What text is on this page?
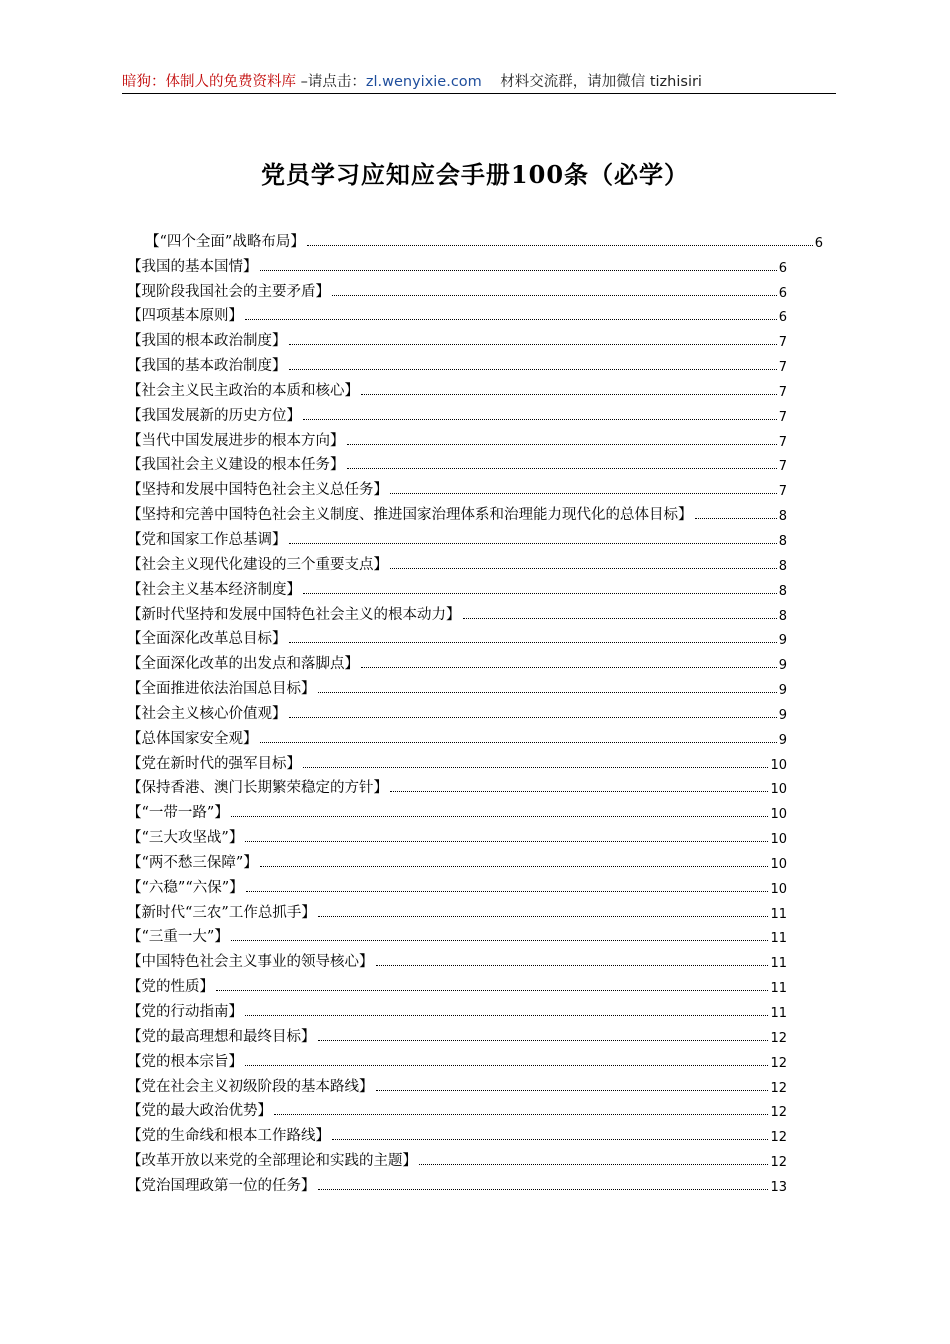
暗狗：体制人的免费资料库 –请点击：zl.wenyixie.com 材料交流群，请加微信 tizhisiri
党员学习应知应会手册100条（必学）
【“四个全面”战略布局】	6
【我国的基本国情】	6
【现阶段我国社会的主要矛盾】	6
【四项基本原则】	6
【我国的根本政治制度】	7
【我国的基本政治制度】	7
【社会主义民主政治的本质和核心】	7
【我国发展新的历史方位】	7
【当代中国发展进步的根本方向】	7
【我国社会主义建设的根本任务】	7
【坚持和发展中国特色社会主义总任务】	7
【坚持和完善中国特色社会主义制度、推进国家治理体系和治理能力现代化的总体目标】	8
【党和国家工作总基调】	8
【社会主义现代化建设的三个重要支点】	8
【社会主义基本经济制度】	8
【新时代坚持和发展中国特色社会主义的根本动力】	8
【全面深化改革总目标】	9
【全面深化改革的出发点和落脚点】	9
【全面推进依法治国总目标】	9
【社会主义核心价值观】	9
【总体国家安全观】	9
【党在新时代的强军目标】	10
【保持香港、澳门长期繁荣稳定的方针】	10
【“一带一路”】	10
【“三大攻坚战”】	10
【“两不愁三保障”】	10
【“六稳”“六保”】	10
【新时代“三农”工作总抓手】	11
【“三重一大”】	11
【中国特色社会主义事业的领导核心】	11
【党的性质】	11
【党的行动指南】	11
【党的最高理想和最终目标】	12
【党的根本宗旨】	12
【党在社会主义初级阶段的基本路线】	12
【党的最大政治优势】	12
【党的生命线和根本工作路线】	12
【改革开放以来党的全部理论和实践的主题】	12
【党治国理政第一位的任务】	13
